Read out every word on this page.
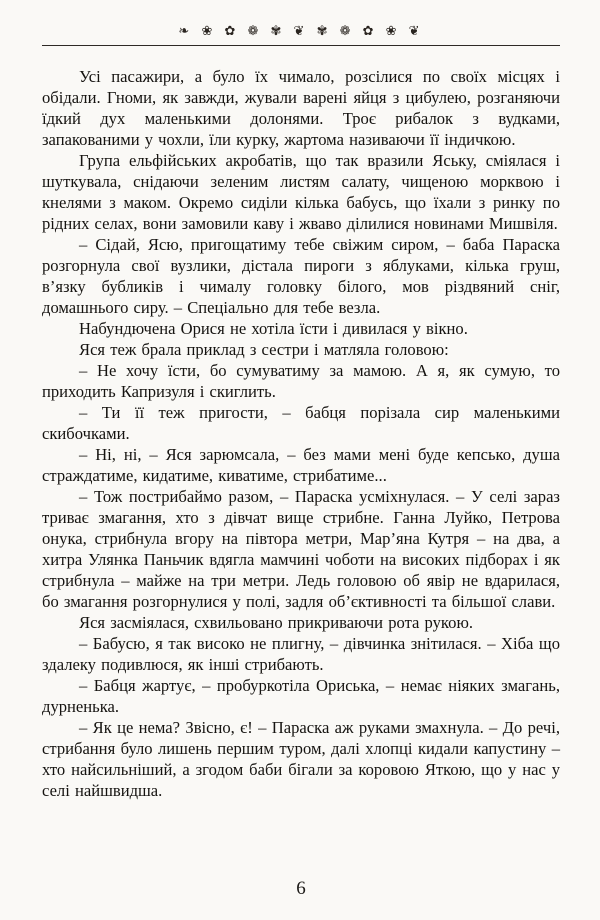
❧ ❀ ✿ ❁ ✾ ❦ ✾ ❁ ✿ ❀ ❦

Усі пасажири, а було їх чимало, розсілися по своїх місцях і обідали. Гноми, як завжди, жували варені яйця з цибулею, розганяючи їдкий дух маленькими долонями. Троє рибалок з вудками, запакованими у чохли, їли курку, жартома називаючи її індичкою.

Група ельфійських акробатів, що так вразили Яську, сміялася і шуткувала, снідаючи зеленим листям салату, чищеною морквою і кнелями з маком. Окремо сиділи кілька бабусь, що їхали з ринку по рідних селах, вони замовили каву і жваво ділилися новинами Мишвіля.

– Сідай, Ясю, пригощатиму тебе свіжим сиром, – баба Параска розгорнула свої вузлики, дістала пироги з яблуками, кілька груш, в’язку бубликів і чималу головку білого, мов різдвяний сніг, домашнього сиру. – Спеціально для тебе везла.

Набундючена Орися не хотіла їсти і дивилася у вікно.

Яся теж брала приклад з сестри і матляла головою:

– Не хочу їсти, бо сумуватиму за мамою. А я, як сумую, то приходить Капризуля і скиглить.

– Ти її теж пригости, – бабця порізала сир маленькими скибочками.

– Ні, ні, – Яся зарюмсала, – без мами мені буде кепсько, душа страждатиме, кидатиме, киватиме, стрибатиме...

– Тож пострибаймо разом, – Параска усміхнулася. – У селі зараз триває змагання, хто з дівчат вище стрибне. Ганна Луйко, Петрова онука, стрибнула вгору на півтора метри, Мар’яна Кутря – на два, а хитра Улянка Паньчик вдягла мамчині чоботи на високих підборах і як стрибнула – майже на три метри. Ледь головою об явір не вдарилася, бо змагання розгорнулися у полі, задля об’єктивності та більшої слави.

Яся засміялася, схвильовано прикриваючи рота рукою.

– Бабусю, я так високо не плигну, – дівчинка знітилася. – Хіба що здалеку подивлюся, як інші стрибають.

– Бабця жартує, – пробуркотіла Ориська, – немає ніяких змагань, дурненька.

– Як це нема? Звісно, є! – Параска аж руками змахнула. – До речі, стрибання було лишень першим туром, далі хлопці кидали капустину – хто найсильніший, а згодом баби бігали за коровою Яткою, що у нас у селі найшвидша.

6
